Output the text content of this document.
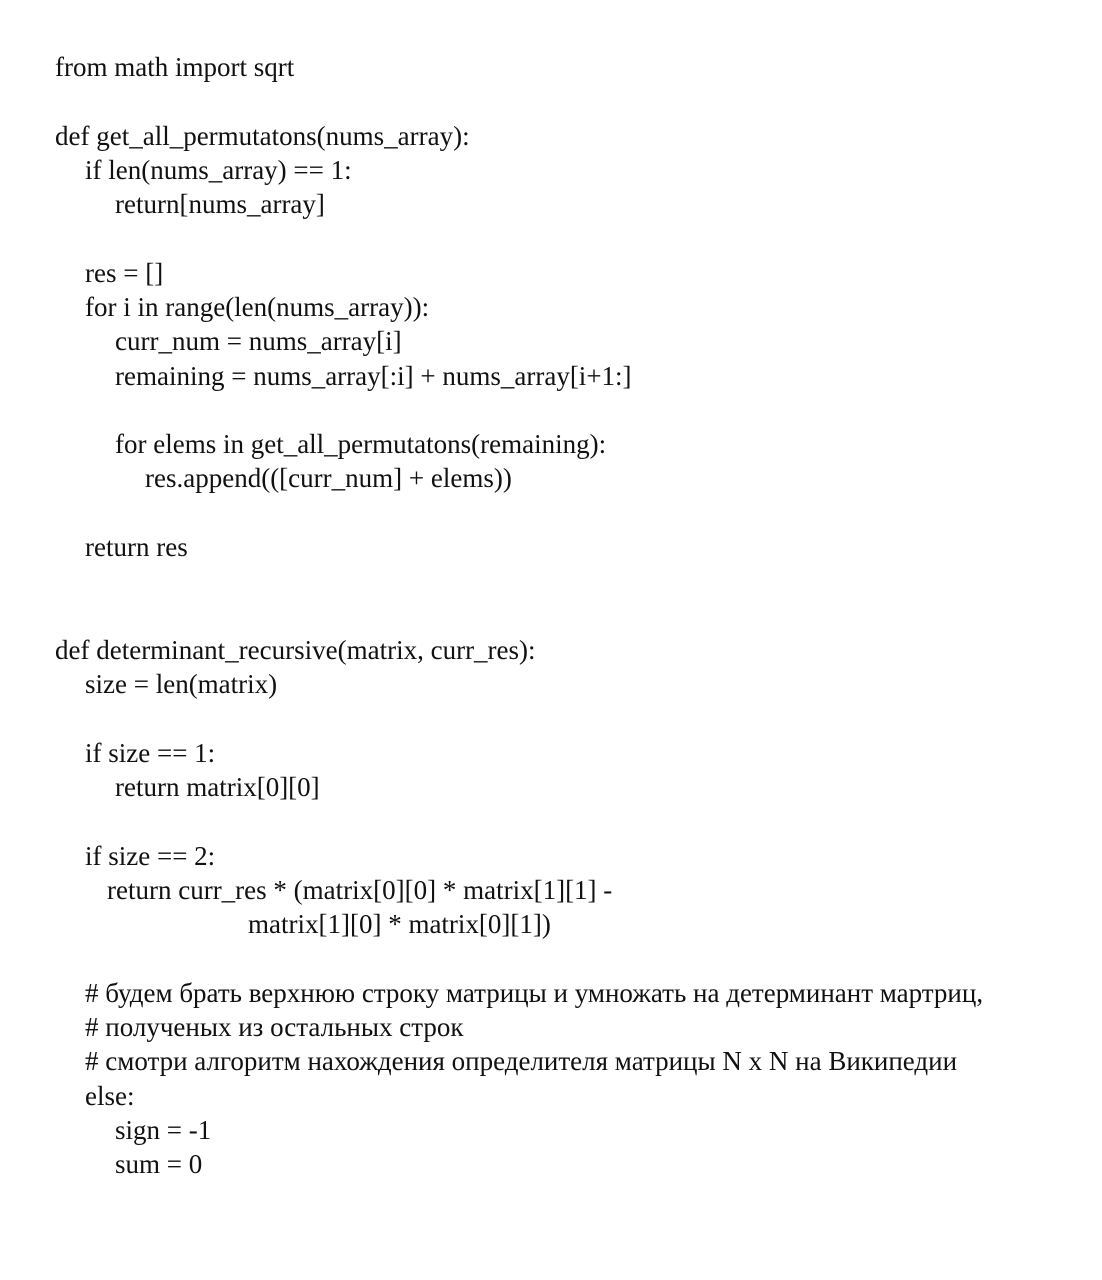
from math import sqrt
def get_all_permutatons(nums_array):
if len(nums_array) == 1:
return[nums_array]
res = []
for i in range(len(nums_array)):
curr_num = nums_array[i]
remaining = nums_array[:i] + nums_array[i+1:]
for elems in get_all_permutatons(remaining):
res.append(([curr_num] + elems))
return res
def determinant_recursive(matrix, curr_res):
size = len(matrix)
if size == 1:
return matrix[0][0]
if size == 2:
return curr_res * (matrix[0][0] * matrix[1][1] -
matrix[1][0] * matrix[0][1])
# будем брать верхнюю строку матрицы и умножать на детерминант мартриц,
# полученых из остальных строк
# смотри алгоритм нахождения определителя матрицы N x N на Википедии
else:
sign = -1
sum = 0
